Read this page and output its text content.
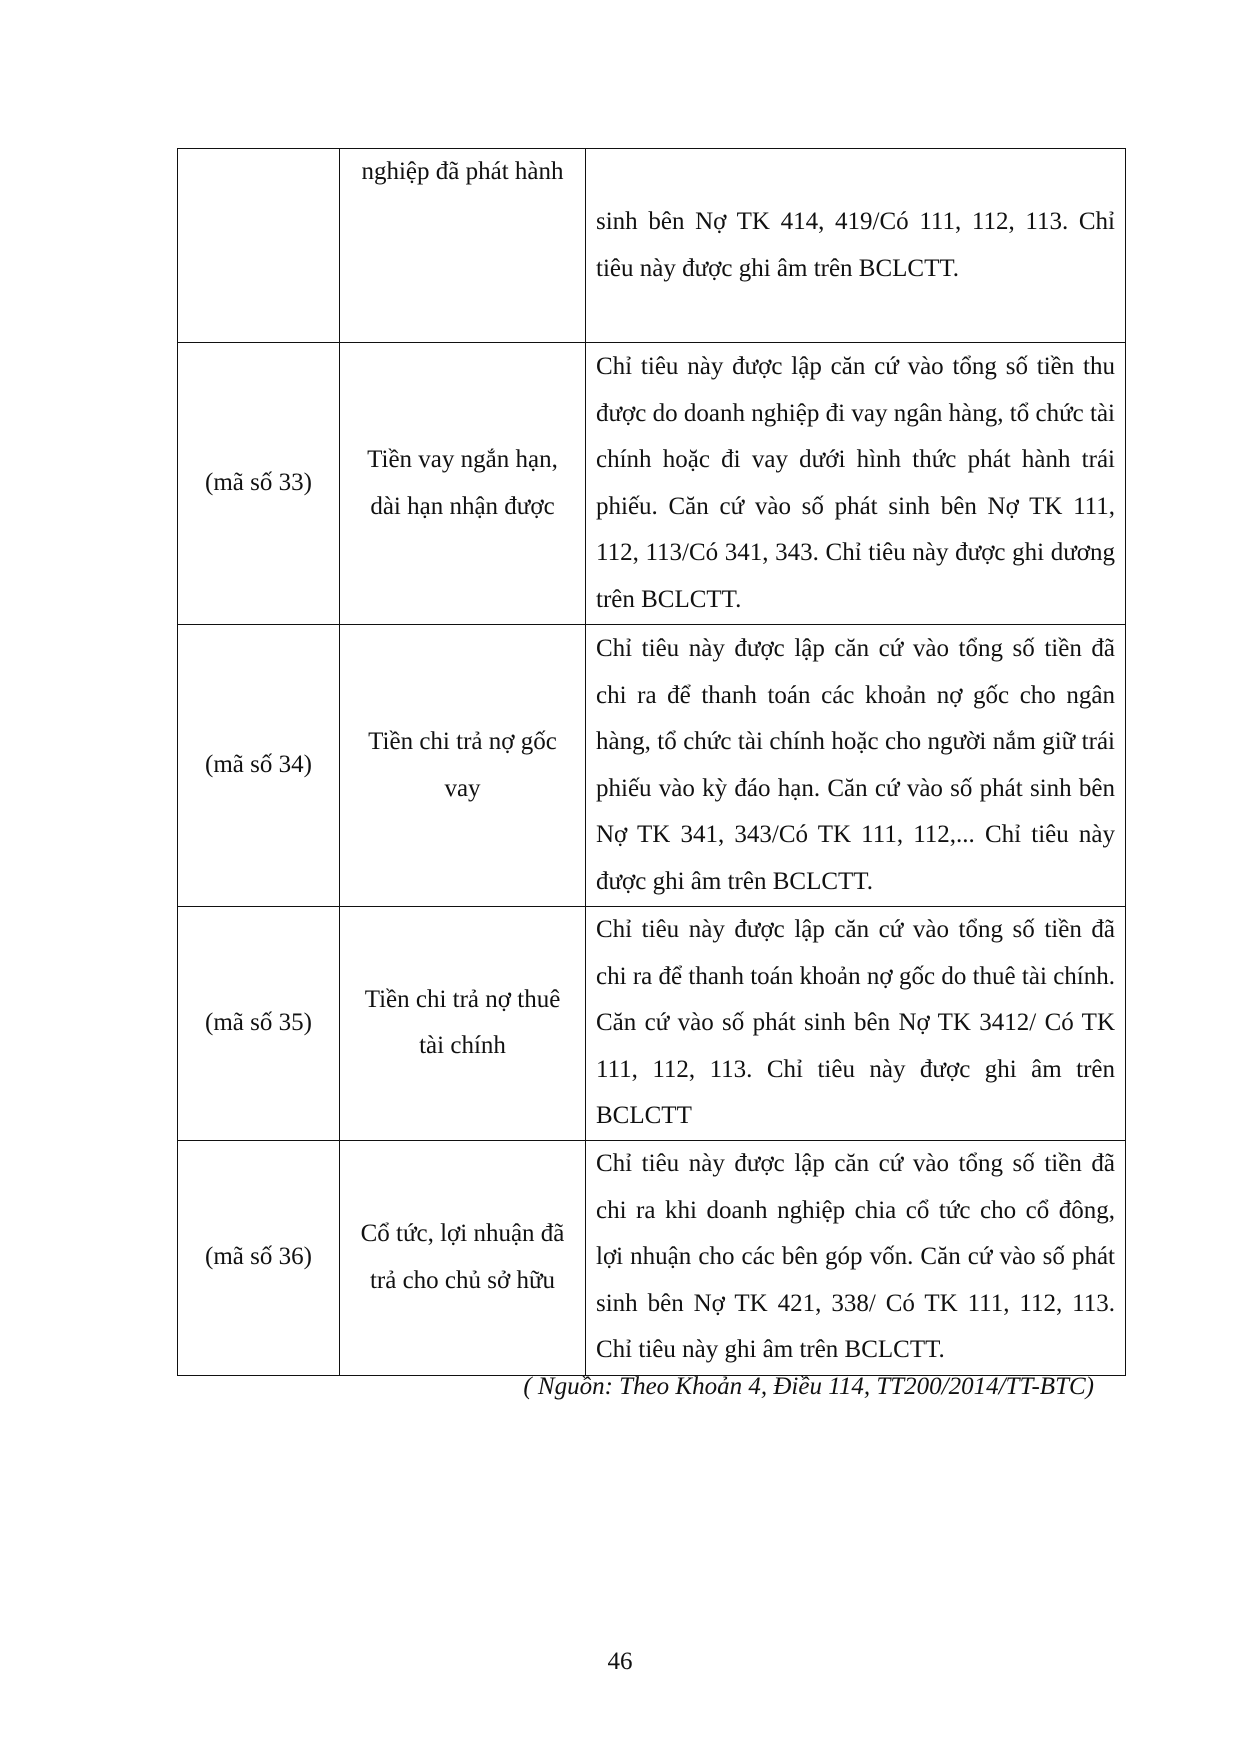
	nghiệp đã phát hành	sinh bên Nợ TK 414, 419/Có 111, 112, 113. Chỉ tiêu này được ghi âm trên BCLCTT.
(mã số 33)	Tiền vay ngắn hạn, dài hạn nhận được	Chỉ tiêu này được lập căn cứ vào tổng số tiền thu được do doanh nghiệp đi vay ngân hàng, tổ chức tài chính hoặc đi vay dưới hình thức phát hành trái phiếu. Căn cứ vào số phát sinh bên Nợ TK 111, 112, 113/Có 341, 343. Chỉ tiêu này được ghi dương trên BCLCTT.
(mã số 34)	Tiền chi trả nợ gốc vay	Chỉ tiêu này được lập căn cứ vào tổng số tiền đã chi ra để thanh toán các khoản nợ gốc cho ngân hàng, tổ chức tài chính hoặc cho người nắm giữ trái phiếu vào kỳ đáo hạn. Căn cứ vào số phát sinh bên Nợ TK 341, 343/Có TK 111, 112,... Chỉ tiêu này được ghi âm trên BCLCTT.
(mã số 35)	Tiền chi trả nợ thuê tài chính	Chỉ tiêu này được lập căn cứ vào tổng số tiền đã chi ra để thanh toán khoản nợ gốc do thuê tài chính. Căn cứ vào số phát sinh bên Nợ TK 3412/ Có TK 111, 112, 113. Chỉ tiêu này được ghi âm trên BCLCTT
(mã số 36)	Cổ tức, lợi nhuận đã trả cho chủ sở hữu	Chỉ tiêu này được lập căn cứ vào tổng số tiền đã chi ra khi doanh nghiệp chia cổ tức cho cổ đông, lợi nhuận cho các bên góp vốn. Căn cứ vào số phát sinh bên Nợ TK 421, 338/ Có TK 111, 112, 113. Chỉ tiêu này ghi âm trên BCLCTT.
( Nguồn: Theo Khoản 4, Điều 114, TT200/2014/TT-BTC)
46
